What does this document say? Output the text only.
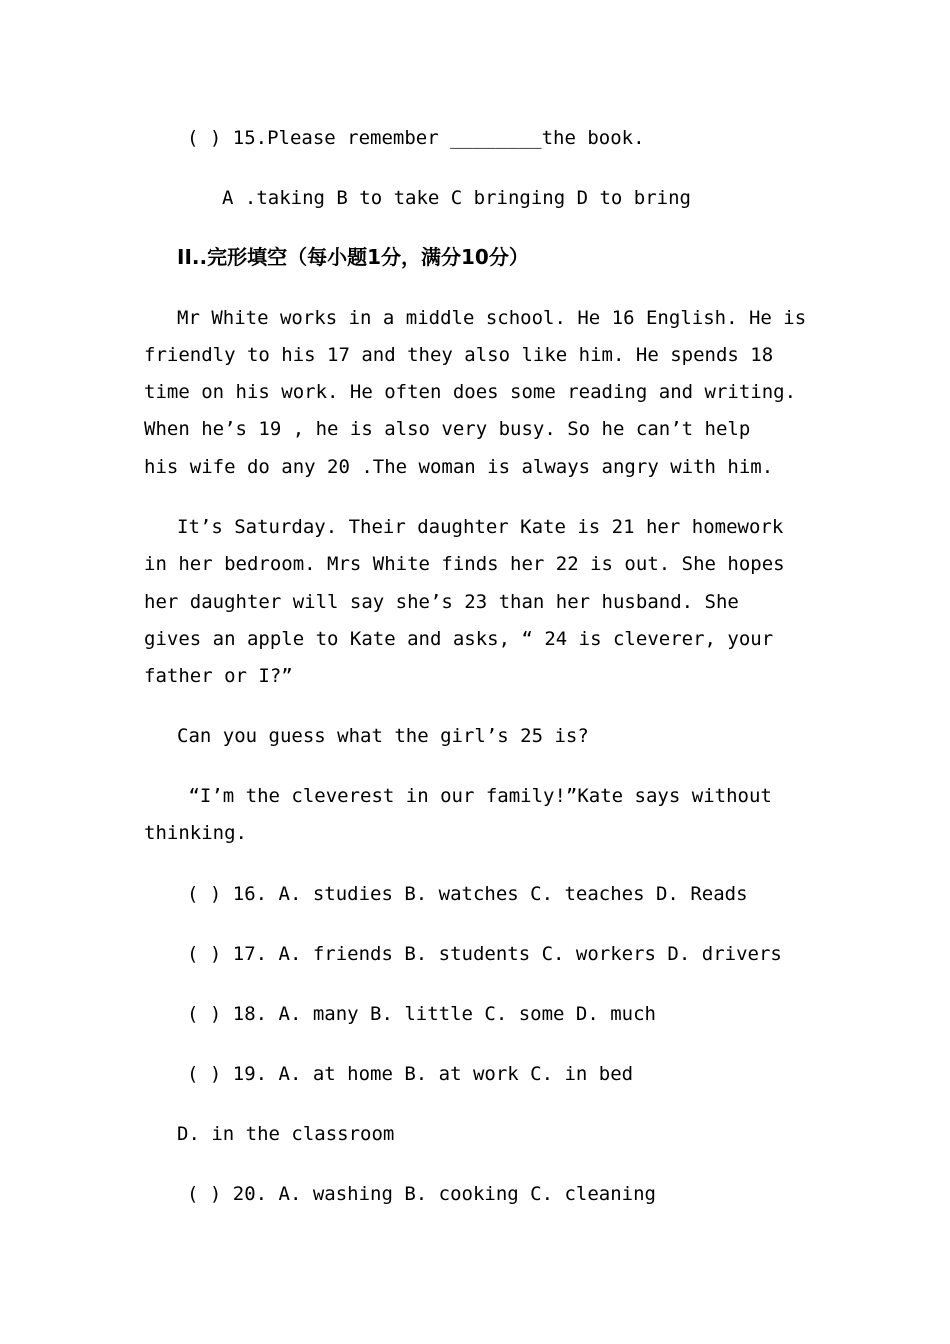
( ) 15.Please remember ________the book.
A .taking B to take C bringing D to bring
II..完形填空（每小题1分，满分10分）
Mr White works in a middle school. He 16 English. He is
friendly to his 17 and they also like him. He spends 18
time on his work. He often does some reading and writing.
When he’s 19 , he is also very busy. So he can’t help
his wife do any 20 .The woman is always angry with him.
It’s Saturday. Their daughter Kate is 21 her homework
in her bedroom. Mrs White finds her 22 is out. She hopes
her daughter will say she’s 23 than her husband. She
gives an apple to Kate and asks, “ 24 is cleverer, your
father or I?”
Can you guess what the girl’s 25 is?
“I’m the cleverest in our family!”Kate says without
thinking.
( ) 16. A. studies B. watches C. teaches D. Reads
( ) 17. A. friends B. students C. workers D. drivers
( ) 18. A. many B. little C. some D. much
( ) 19. A. at home B. at work C. in bed
D. in the classroom
( ) 20. A. washing B. cooking C. cleaning
